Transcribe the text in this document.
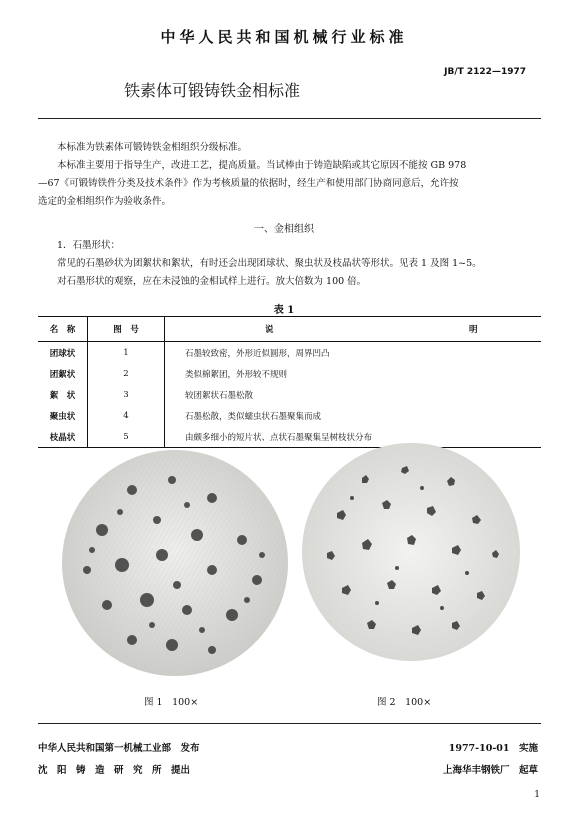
中华人民共和国机械行业标准
铁素体可锻铸铁金相标准
JB/T 2122—1977
本标准为铁素体可锻铸铁金相组织分级标准。
本标准主要用于指导生产，改进工艺，提高质量。当试棒由于铸造缺陷或其它原因不能按 GB 978
—67《可锻铸铁件分类及技术条件》作为考核质量的依据时，经生产和使用部门协商同意后，允许按
选定的金相组织作为验收条件。
一、金相组织
1．石墨形状：
常见的石墨砂状为团絮状和絮状，有时还会出现团球状、聚虫状及枝晶状等形状。见表 1 及图 1~5。
对石墨形状的观察，应在未浸蚀的金相试样上进行。放大倍数为 100 倍。
表 1
名　称	图　号	说　　　　　　　　　　　　　　　　　　　　　　　明
团球状	1	石墨较致密，外形近似圆形，周界凹凸
团絮状	2	类似棉絮团，外形较不规则
絮　状	3	较团絮状石墨松散
聚虫状	4	石墨松散，类似蠕虫状石墨聚集而成
枝晶状	5	由颇多细小的短片状、点状石墨聚集呈树枝状分布
图 1　100×	图 2　100×
中华人民共和国第一机械工业部　发布
沈　阳　铸　造　研　究　所　提出
1977-10-01　实施
上海华丰钢铁厂　起草
1
